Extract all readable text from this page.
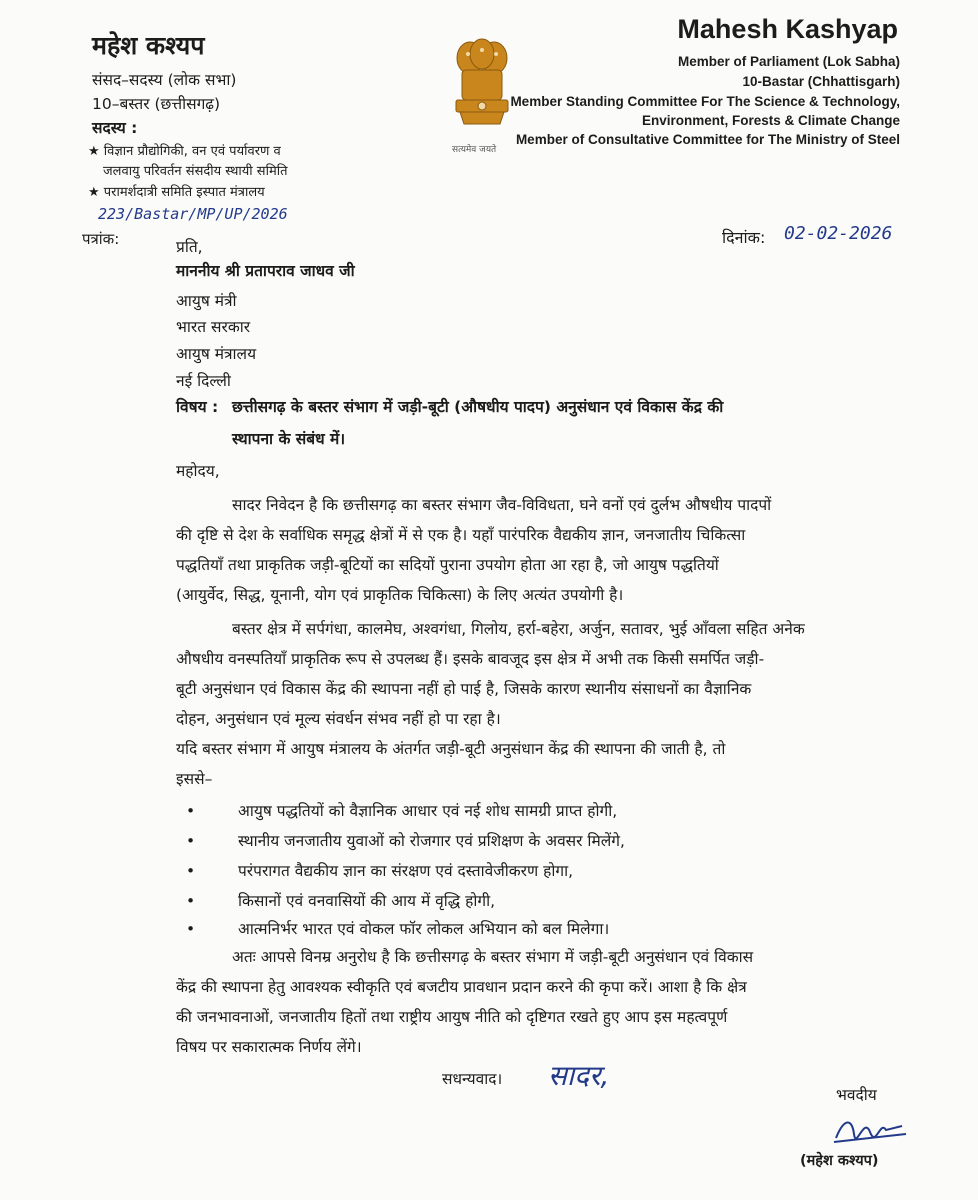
महेश कश्यप
संसद–सदस्य (लोक सभा)
10–बस्तर (छत्तीसगढ़)
सदस्य :
★ विज्ञान प्रौद्योगिकी, वन एवं पर्यावरण व
जलवायु परिवर्तन संसदीय स्थायी समिति
★ परामर्शदात्री समिति इस्पात मंत्रालय
सत्यमेव जयते
Mahesh Kashyap
Member of Parliament (Lok Sabha)
10-Bastar (Chhattisgarh)
Member Standing Committee For The Science & Technology,
Environment, Forests & Climate Change
Member of Consultative Committee for The Ministry of Steel
223/Bastar/MP/UP/2026
पत्रांक:	दिनांक: 02-02-2026
प्रति,
माननीय श्री प्रतापराव जाधव जी
आयुष मंत्री
भारत सरकार
आयुष मंत्रालय
नई दिल्ली
विषय : छत्तीसगढ़ के बस्तर संभाग में जड़ी-बूटी (औषधीय पादप) अनुसंधान एवं विकास केंद्र की
स्थापना के संबंध में।
महोदय,
सादर निवेदन है कि छत्तीसगढ़ का बस्तर संभाग जैव-विविधता, घने वनों एवं दुर्लभ औषधीय पादपों
की दृष्टि से देश के सर्वाधिक समृद्ध क्षेत्रों में से एक है। यहाँ पारंपरिक वैद्यकीय ज्ञान, जनजातीय चिकित्सा
पद्धतियाँ तथा प्राकृतिक जड़ी-बूटियों का सदियों पुराना उपयोग होता आ रहा है, जो आयुष पद्धतियों
(आयुर्वेद, सिद्ध, यूनानी, योग एवं प्राकृतिक चिकित्सा) के लिए अत्यंत उपयोगी है।
बस्तर क्षेत्र में सर्पगंधा, कालमेघ, अश्वगंधा, गिलोय, हर्रा-बहेरा, अर्जुन, सतावर, भुई आँवला सहित अनेक
औषधीय वनस्पतियाँ प्राकृतिक रूप से उपलब्ध हैं। इसके बावजूद इस क्षेत्र में अभी तक किसी समर्पित जड़ी-
बूटी अनुसंधान एवं विकास केंद्र की स्थापना नहीं हो पाई है, जिसके कारण स्थानीय संसाधनों का वैज्ञानिक
दोहन, अनुसंधान एवं मूल्य संवर्धन संभव नहीं हो पा रहा है।
यदि बस्तर संभाग में आयुष मंत्रालय के अंतर्गत जड़ी-बूटी अनुसंधान केंद्र की स्थापना की जाती है, तो
इससे–
•	आयुष पद्धतियों को वैज्ञानिक आधार एवं नई शोध सामग्री प्राप्त होगी,
•	स्थानीय जनजातीय युवाओं को रोजगार एवं प्रशिक्षण के अवसर मिलेंगे,
•	परंपरागत वैद्यकीय ज्ञान का संरक्षण एवं दस्तावेजीकरण होगा,
•	किसानों एवं वनवासियों की आय में वृद्धि होगी,
•	आत्मनिर्भर भारत एवं वोकल फॉर लोकल अभियान को बल मिलेगा।
अतः आपसे विनम्र अनुरोध है कि छत्तीसगढ़ के बस्तर संभाग में जड़ी-बूटी अनुसंधान एवं विकास
केंद्र की स्थापना हेतु आवश्यक स्वीकृति एवं बजटीय प्रावधान प्रदान करने की कृपा करें। आशा है कि क्षेत्र
की जनभावनाओं, जनजातीय हितों तथा राष्ट्रीय आयुष नीति को दृष्टिगत रखते हुए आप इस महत्वपूर्ण
विषय पर सकारात्मक निर्णय लेंगे।
सधन्यवाद। सादर,
भवदीय
(महेश कश्यप)
